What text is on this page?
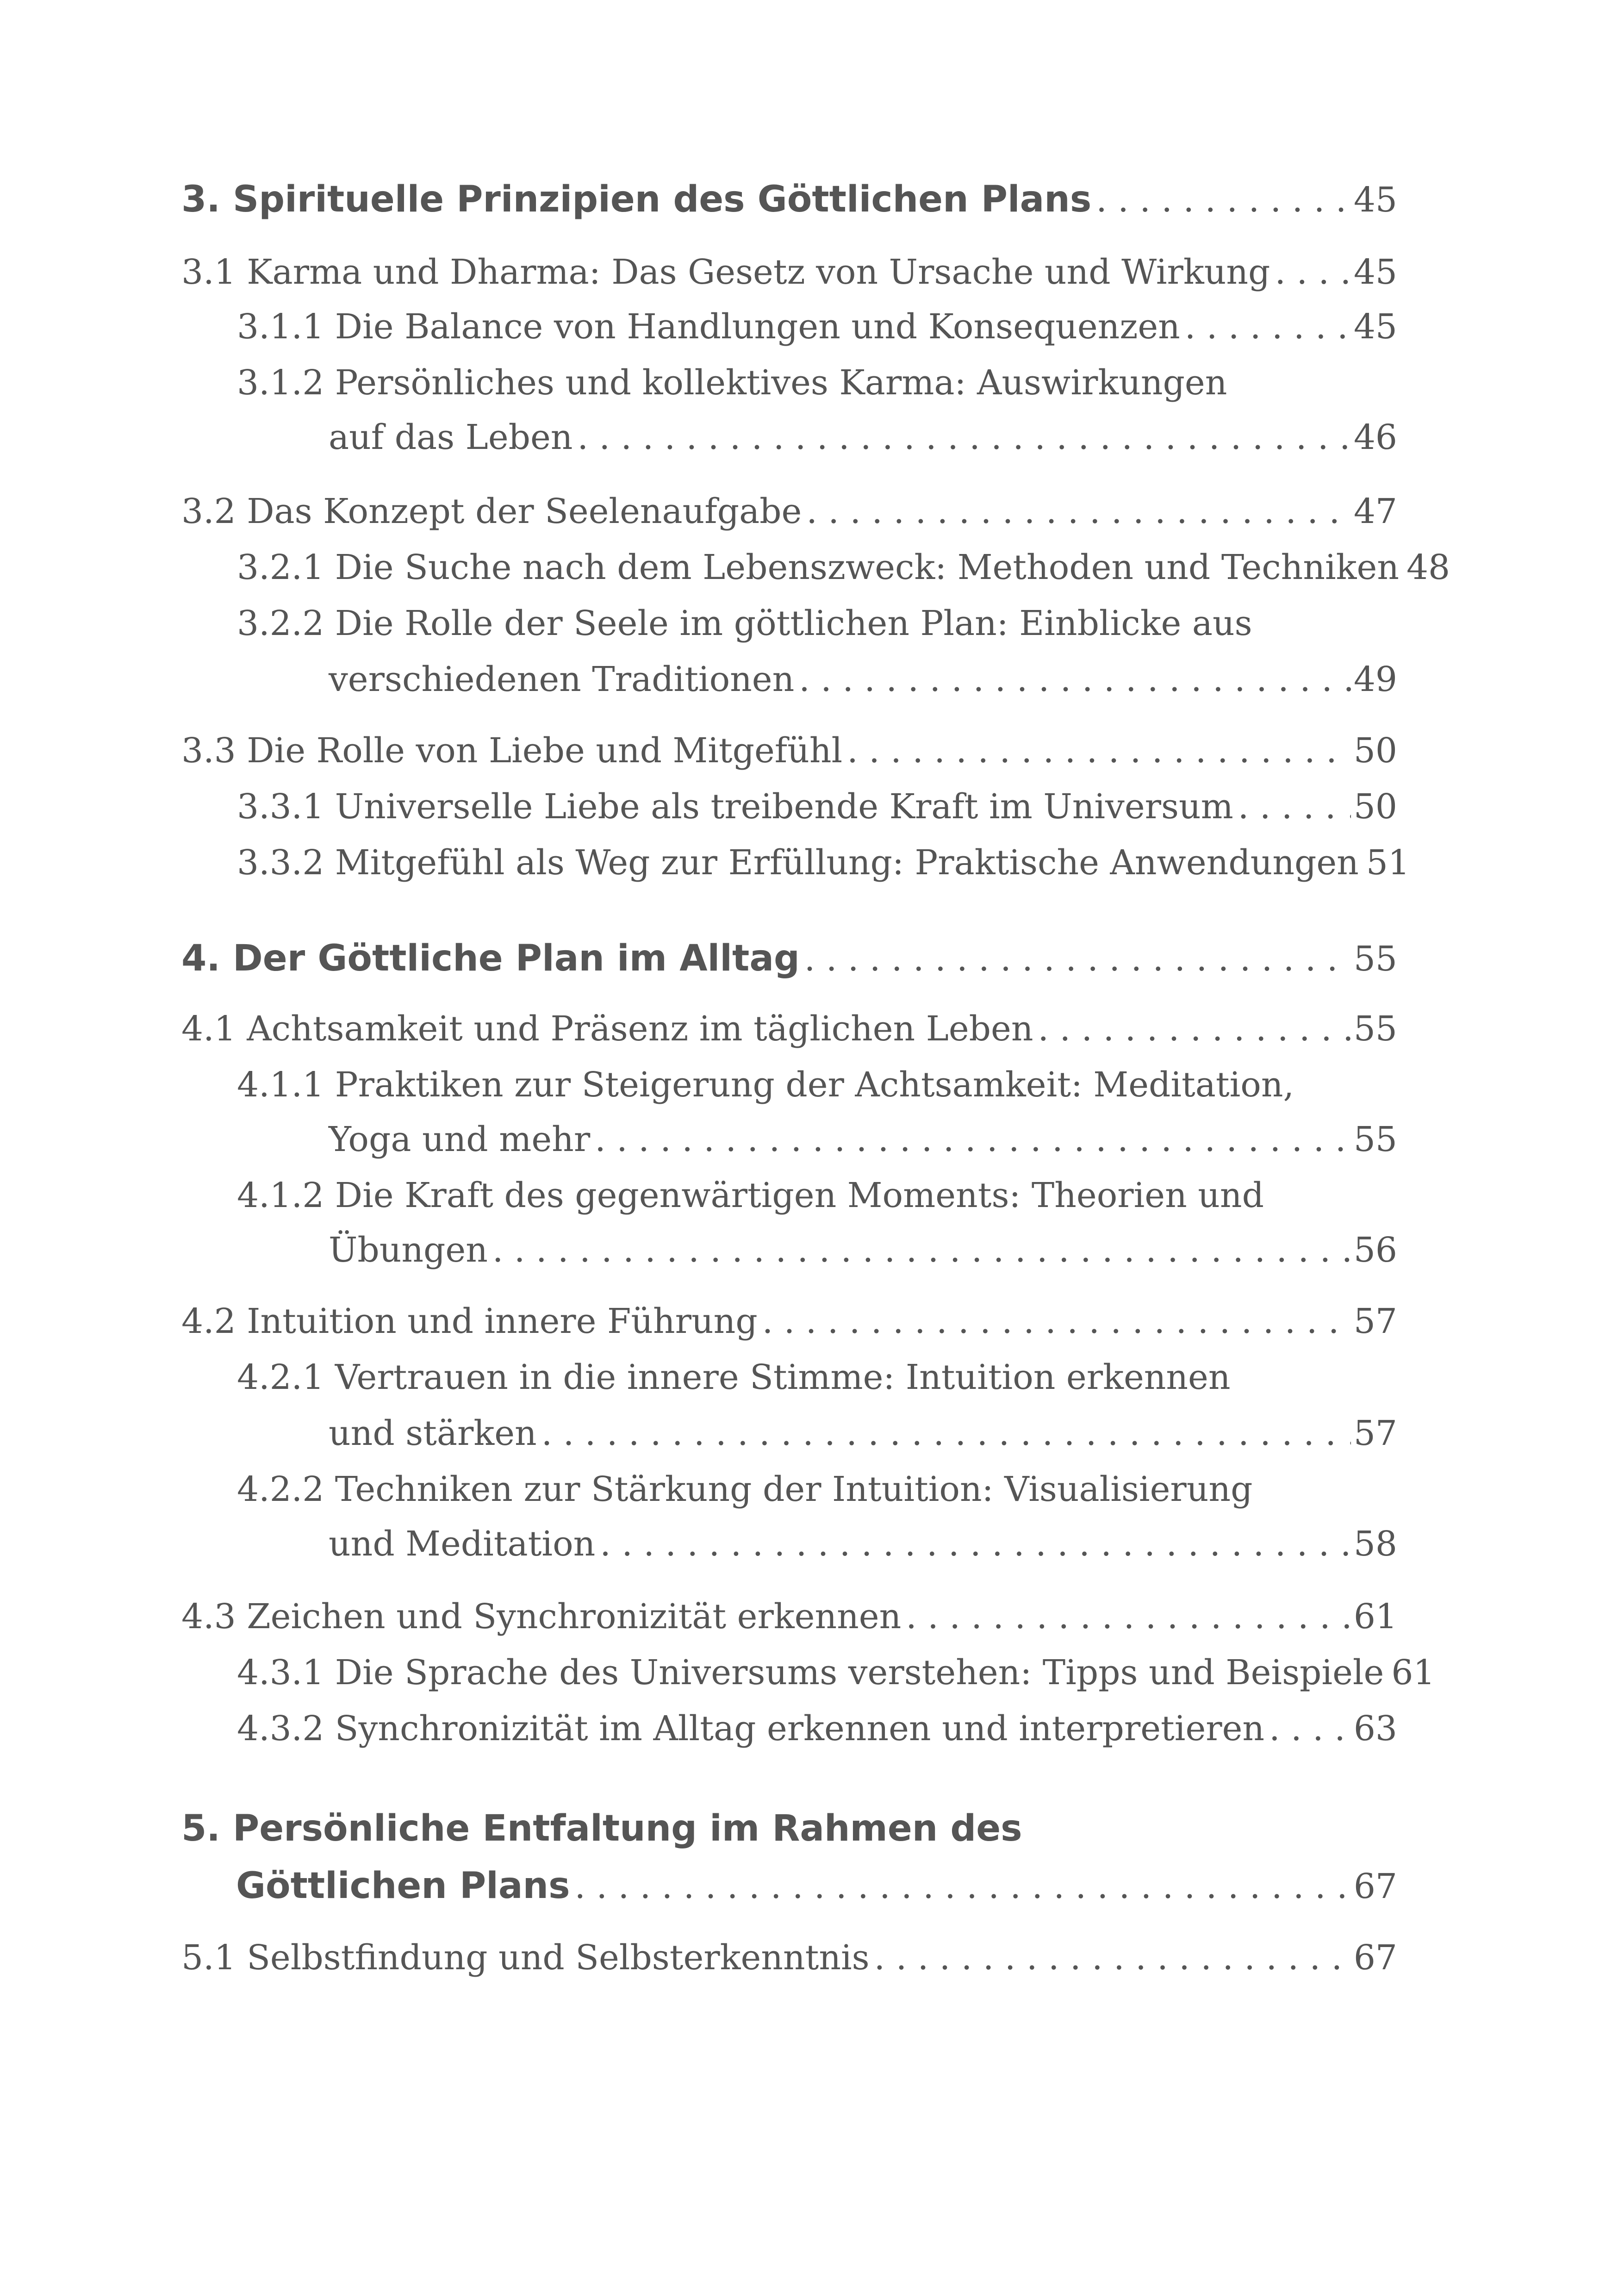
3. Spirituelle Prinzipien des Göttlichen Plans . . .	45
3.1 Karma und Dharma: Das Gesetz von Ursache und Wirkung . . . 45
3.1.1 Die Balance von Handlungen und Konsequenzen . . .	45
3.1.2 Persönliches und kollektives Karma: Auswirkungen
auf das Leben . . .	46
3.2 Das Konzept der Seelenaufgabe . . .	47
3.2.1 Die Suche nach dem Lebenszweck: Methoden und Techniken 48
3.2.2 Die Rolle der Seele im göttlichen Plan: Einblicke aus
verschiedenen Traditionen . . .	49
3.3 Die Rolle von Liebe und Mitgefühl . . .	50
3.3.1 Universelle Liebe als treibende Kraft im Universum . . .	50
3.3.2 Mitgefühl als Weg zur Erfüllung: Praktische Anwendungen 51
4. Der Göttliche Plan im Alltag . . .	55
4.1 Achtsamkeit und Präsenz im täglichen Leben . . .	55
4.1.1 Praktiken zur Steigerung der Achtsamkeit: Meditation,
Yoga und mehr . . .	55
4.1.2 Die Kraft des gegenwärtigen Moments: Theorien und
Übungen . . .	56
4.2 Intuition und innere Führung . . .	57
4.2.1 Vertrauen in die innere Stimme: Intuition erkennen
und stärken . . .	57
4.2.2 Techniken zur Stärkung der Intuition: Visualisierung
und Meditation . . .	58
4.3 Zeichen und Synchronizität erkennen . . .	61
4.3.1 Die Sprache des Universums verstehen: Tipps und Beispiele 61
4.3.2 Synchronizität im Alltag erkennen und interpretieren . . .	63
5. Persönliche Entfaltung im Rahmen des
Göttlichen Plans . . .	67
5.1 Selbstfindung und Selbsterkenntnis . . .	67
